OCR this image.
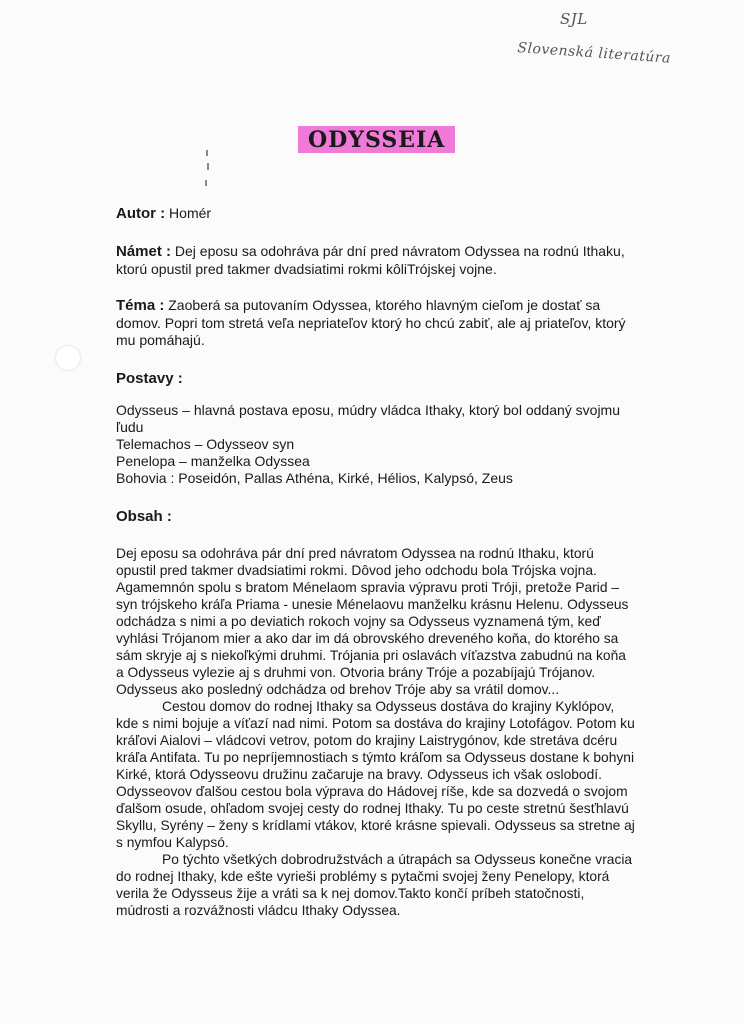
SJL
Slovenská literatúra
ODYSSEIA
Autor : Homér
Námet : Dej eposu sa odohráva pár dní pred návratom Odyssea na rodnú Ithaku,
ktorú opustil pred takmer dvadsiatimi rokmi kôliTrójskej vojne.
Téma : Zaoberá sa putovaním Odyssea, ktorého hlavným cieľom je dostať sa
domov. Popri tom stretá veľa nepriateľov ktorý ho chcú zabiť, ale aj priateľov, ktorý
mu pomáhajú.
Postavy :
Odysseus – hlavná postava eposu, múdry vládca Ithaky, ktorý bol oddaný svojmu
ľudu
Telemachos – Odysseov syn
Penelopa – manželka Odyssea
Bohovia : Poseidón, Pallas Athéna, Kirké, Hélios, Kalypsó, Zeus
Obsah :
Dej eposu sa odohráva pár dní pred návratom Odyssea na rodnú Ithaku, ktorú
opustil pred takmer dvadsiatimi rokmi. Dôvod jeho odchodu bola Trójska vojna.
Agamemnón spolu s bratom Ménelaom spravia výpravu proti Tróji, pretože Parid –
syn trójskeho kráľa Priama - unesie Ménelaovu manželku krásnu Helenu. Odysseus
odchádza s nimi a po deviatich rokoch vojny sa Odysseus vyznamená tým, keď
vyhlási Trójanom mier a ako dar im dá obrovského dreveného koňa, do ktorého sa
sám skryje aj s niekoľkými druhmi. Trójania pri oslavách víťazstva zabudnú na koňa
a Odysseus vylezie aj s druhmi von. Otvoria brány Tróje a pozabíjajú Trójanov.
Odysseus ako posledný odchádza od brehov Tróje aby sa vrátil domov...
Cestou domov do rodnej Ithaky sa Odysseus dostáva do krajiny Kyklópov,
kde s nimi bojuje a víťazí nad nimi. Potom sa dostáva do krajiny Lotofágov. Potom ku
kráľovi Aialovi – vládcovi vetrov, potom do krajiny Laistrygónov, kde stretáva dcéru
kráľa Antifata. Tu po nepríjemnostiach s týmto kráľom sa Odysseus dostane k bohyni
Kirké, ktorá Odysseovu družinu začaruje na bravy. Odysseus ich však oslobodí.
Odysseovov ďalšou cestou bola výprava do Hádovej ríše, kde sa dozvedá o svojom
ďalšom osude, ohľadom svojej cesty do rodnej Ithaky. Tu po ceste stretnú šesťhlavú
Skyllu, Syrény – ženy s krídlami vtákov, ktoré krásne spievali. Odysseus sa stretne aj
s nymfou Kalypsó.
Po týchto všetkých dobrodružstvách a útrapách sa Odysseus konečne vracia
do rodnej Ithaky, kde ešte vyrieši problémy s pytačmi svojej ženy Penelopy, ktorá
verila že Odysseus žije a vráti sa k nej domov.Takto končí príbeh statočnosti,
múdrosti a rozvážnosti vládcu Ithaky Odyssea.
